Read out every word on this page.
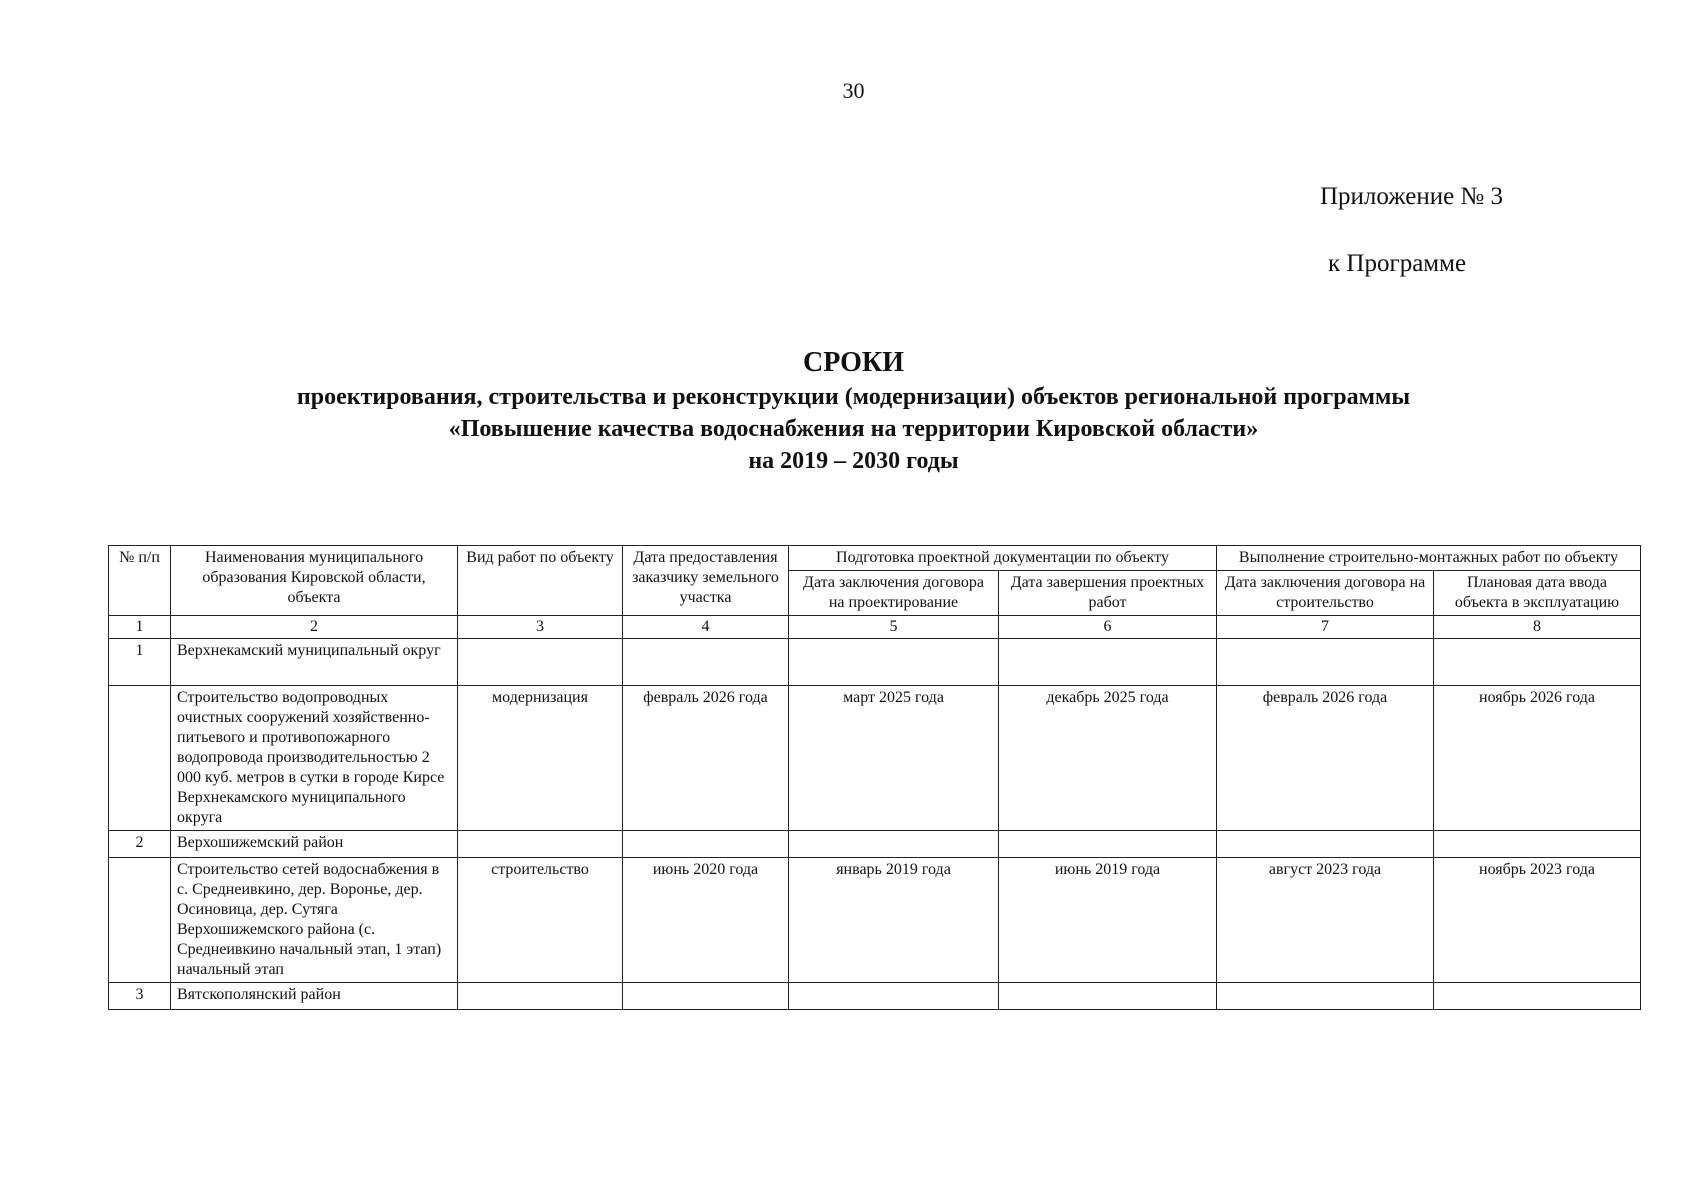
30
Приложение № 3
к Программе
СРОКИ
проектирования, строительства и реконструкции (модернизации) объектов региональной программы
«Повышение качества водоснабжения на территории Кировской области»
на 2019 – 2030 годы
№ п/п	Наименования муниципального образования Кировской области, объекта	Вид работ по объекту	Дата предоставления заказчику земельного участка	Подготовка проектной документации по объекту		Выполнение строительно-монтажных работ по объекту	
				Дата заключения договора на проектирование	Дата завершения проектных работ	Дата заключения договора на строительство	Плановая дата ввода объекта в эксплуатацию
1	2	3	4	5	6	7	8
1	Верхнекамский муниципальный округ						
	Строительство водопроводных очистных сооружений хозяйственно-питьевого и противопожарного водопровода производительностью 2 000 куб. метров в сутки в городе Кирсе Верхнекамского муниципального округа	модернизация	февраль 2026 года	март 2025 года	декабрь 2025 года	февраль 2026 года	ноябрь 2026 года
2	Верхошижемский район						
	Строительство сетей водоснабжения в с. Среднеивкино, дер. Воронье, дер. Осиновица, дер. Сутяга Верхошижемского района (с. Среднеивкино начальный этап, 1 этап) начальный этап	строительство	июнь 2020 года	январь 2019 года	июнь 2019 года	август 2023 года	ноябрь 2023 года
3	Вятскополянский район						
